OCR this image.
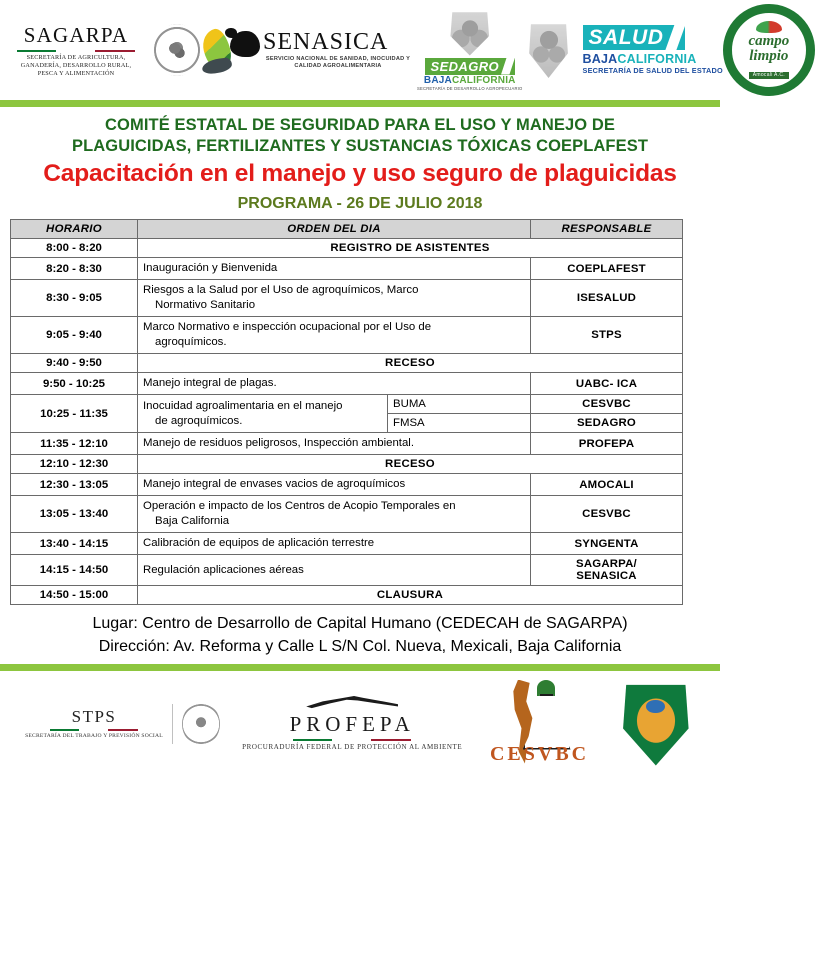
SAGARPA
SECRETARÍA DE AGRICULTURA, GANADERÍA, DESARROLLO RURAL, PESCA Y ALIMENTACIÓN
SENASICA
SERVICIO NACIONAL DE SANIDAD, INOCUIDAD Y CALIDAD AGROALIMENTARIA	SEDAGRO
BAJACALIFORNIA
SECRETARÍA DE DESARROLLO AGROPECUARIO
SALUD
BAJACALIFORNIA
SECRETARÍA DE SALUD DEL ESTADO
campo
limpio
Amocali A.C.
COMITÉ ESTATAL DE SEGURIDAD PARA EL USO Y MANEJO DE
PLAGUICIDAS, FERTILIZANTES Y SUSTANCIAS TÓXICAS COEPLAFEST
Capacitación en el manejo y uso seguro de plaguicidas
PROGRAMA - 26 DE JULIO 2018
HORARIO	ORDEN DEL DIA		RESPONSABLE
8:00 - 8:20	REGISTRO DE ASISTENTES		
8:20 - 8:30	Inauguración y Bienvenida		COEPLAFEST
8:30 - 9:05	Riesgos a la Salud por el Uso de agroquímicos, Marco
Normativo Sanitario		ISESALUD
9:05 - 9:40	Marco Normativo e inspección ocupacional por el Uso de
agroquímicos.		STPS
9:40 - 9:50	RECESO		
9:50 - 10:25	Manejo integral de plagas.		UABC- ICA
10:25 - 11:35	Inocuidad agroalimentaria en el manejo
de agroquímicos.	BUMA	CESVBC
		FMSA	SEDAGRO
11:35 - 12:10	Manejo de residuos peligrosos, Inspección ambiental.		PROFEPA
12:10 - 12:30	RECESO		
12:30 - 13:05	Manejo integral de envases vacios de agroquímicos		AMOCALI
13:05 - 13:40	Operación e impacto de los Centros de Acopio Temporales en
Baja California		CESVBC
13:40 - 14:15	Calibración de equipos de aplicación terrestre		SYNGENTA
14:15 - 14:50	Regulación aplicaciones aéreas		SAGARPA/
SENASICA

14:50 - 15:00	CLAUSURA		
Lugar: Centro de Desarrollo de Capital Humano (CEDECAH de SAGARPA)
Dirección: Av. Reforma y Calle L S/N Col. Nueva, Mexicali, Baja California
STPS
SECRETARÍA DEL TRABAJO Y PREVISIÓN SOCIAL	PROFEPA
PROCURADURÍA FEDERAL DE PROTECCIÓN AL AMBIENTE CESVBC
